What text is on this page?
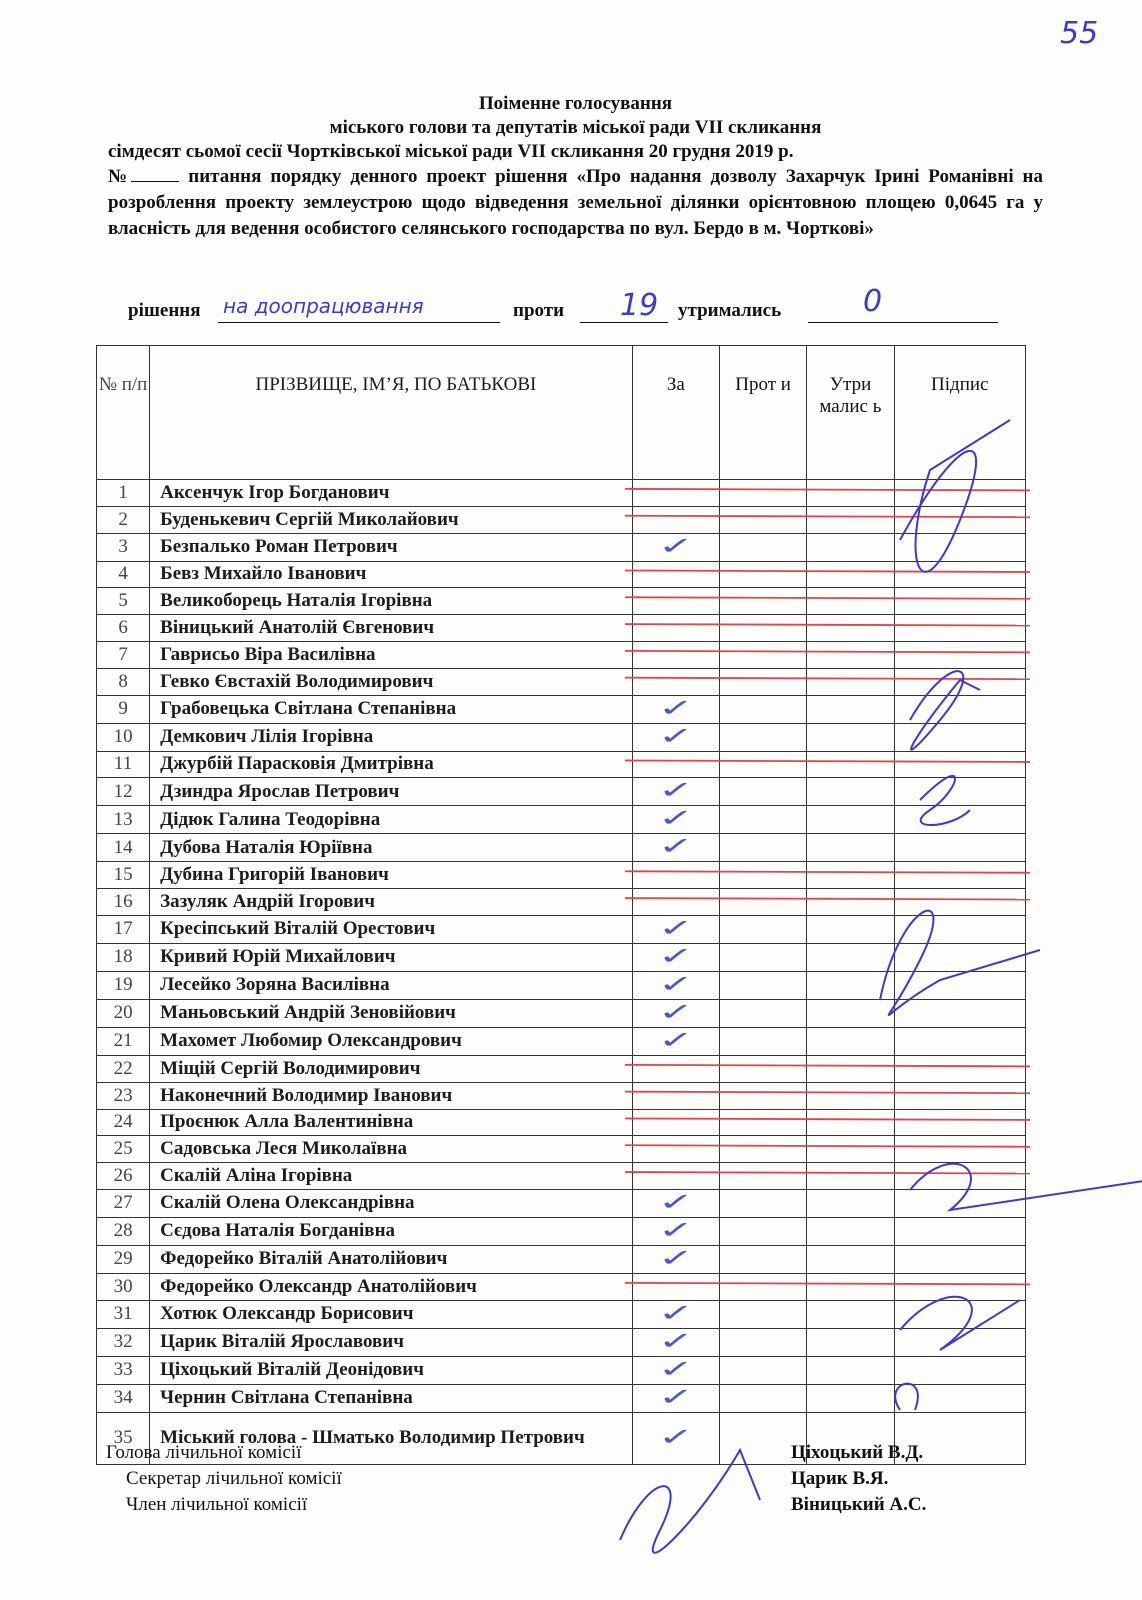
55
Поіменне голосування
міського голови та депутатів міської ради VII скликання
сімдесят сьомої сесії Чортківської міської ради VII скликання 20 грудня 2019 р.
№	питання порядку денного проект рішення «Про надання дозволу Захарчук Ірині Романівні на розроблення проекту землеустрою щодо відведення земельної ділянки орієнтовною площею 0,0645 га у власність для ведення особистого селянського господарства по вул. Бердо в м. Чорткові»
рішення на доопрацювання	проти 19 утримались	0
№ п/п	ПРІЗВИЩЕ, ІМ’Я, ПО БАТЬКОВІ	За	Прот и	Утри малис ь	Підпис
1	Аксенчук Ігор Богданович				
2	Буденькевич Сергій Миколайович				
3	Безпалько Роман Петрович	✓			
4	Бевз Михайло Іванович				
5	Великоборець Наталія Ігорівна				
6	Віницький Анатолій Євгенович				
7	Гаврисьо Віра Василівна				
8	Гевко Євстахій Володимирович				
9	Грабовецька Світлана Степанівна	✓			
10	Демкович Лілія Ігорівна	✓			
11	Джурбій Парасковія Дмитрівна				
12	Дзиндра Ярослав Петрович	✓			
13	Дідюк Галина Теодорівна	✓			
14	Дубова Наталія Юріївна	✓			
15	Дубина Григорій Іванович				
16	Зазуляк Андрій Ігорович				
17	Кресіпський Віталій Орестович	✓			
18	Кривий Юрій Михайлович	✓			
19	Лесейко Зоряна Василівна	✓			
20	Маньовський Андрій Зеновійович	✓			
21	Махомет Любомир Олександрович	✓			
22	Міщій Сергій Володимирович				
23	Наконечний Володимир Іванович				
24	Проєнюк Алла Валентинівна				
25	Садовська Леся Миколаївна				
26	Скалій Аліна Ігорівна				
27	Скалій Олена Олександрівна	✓			
28	Сєдова Наталія Богданівна	✓			
29	Федорейко Віталій Анатолійович	✓			
30	Федорейко Олександр Анатолійович				
31	Хотюк Олександр Борисович	✓			
32	Царик Віталій Ярославович	✓			
33	Ціхоцький Віталій Деонідович	✓			
34	Чернин Світлана Степанівна	✓			
35	Міський голова - Шматько Володимир Петрович	✓			
Голова лічильної комісії	Ціхоцький В.Д.
Секретар лічильної комісії	Царик В.Я.
Член лічильної комісії	Віницький А.С.
